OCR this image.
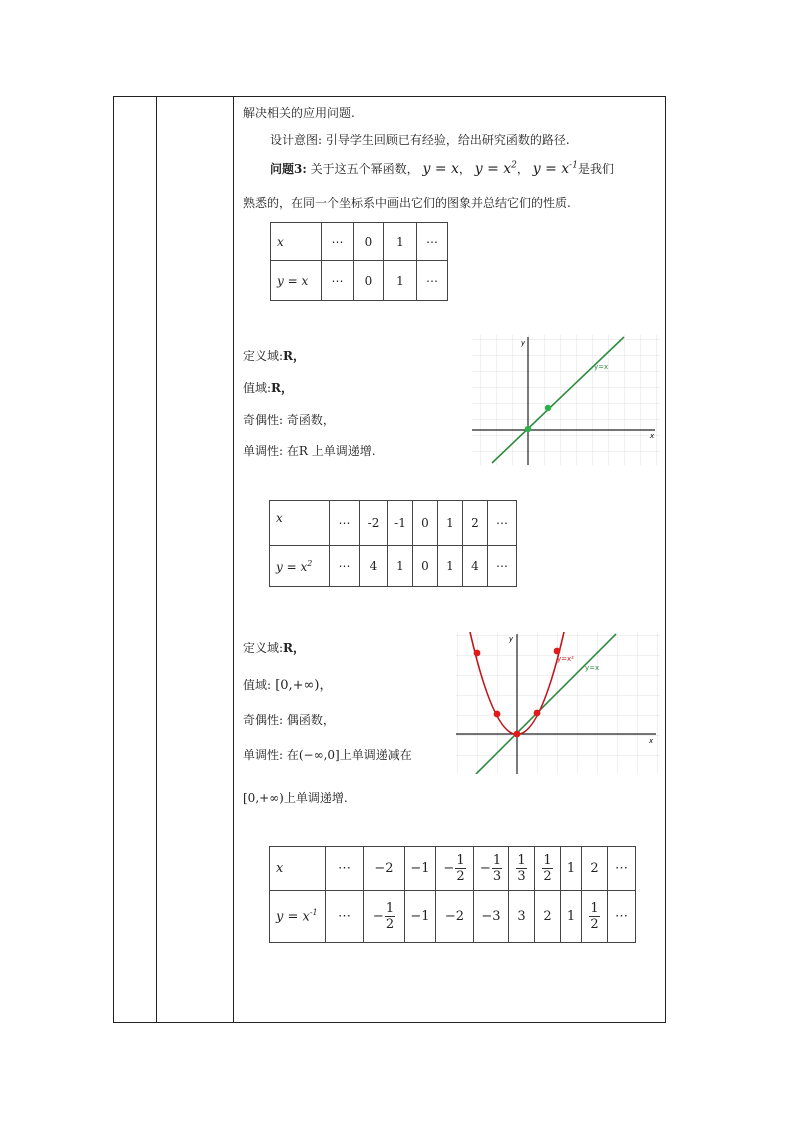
解决相关的应用问题.
设计意图: 引导学生回顾已有经验，给出研究函数的路径.
问题3: 关于这五个幂函数， y = x， $y = x^2$， $y = x^{-1}$是我们
熟悉的，在同一个坐标系中画出它们的图象并总结它们的性质.
x	⋯	0	1	⋯
y = x	⋯	0	1	⋯
定义域:R，
值域:R，
奇偶性: 奇函数，
单调性: 在R 上单调递增.
y=x
x
y
x	⋯	-2	-1	0	1	2	⋯
$y = x^2$	⋯	4	1	0	1	4	⋯
定义域:R，
值域: [0,+∞)，
奇偶性: 偶函数，
单调性: 在(−∞,0]上单调递减在
[0,+∞)上单调递增.
y=x²
y=x
x
y
x	⋯	−2	−1	− $\frac{1}{2}$	− $\frac{1}{3}$	$\frac{1}{3}$	$\frac{1}{2}$	1	2	⋯
$y = x^{-1}$	⋯	− $\frac{1}{2}$	−1	−2	−3	3	2	1	$\frac{1}{2}$	⋯
